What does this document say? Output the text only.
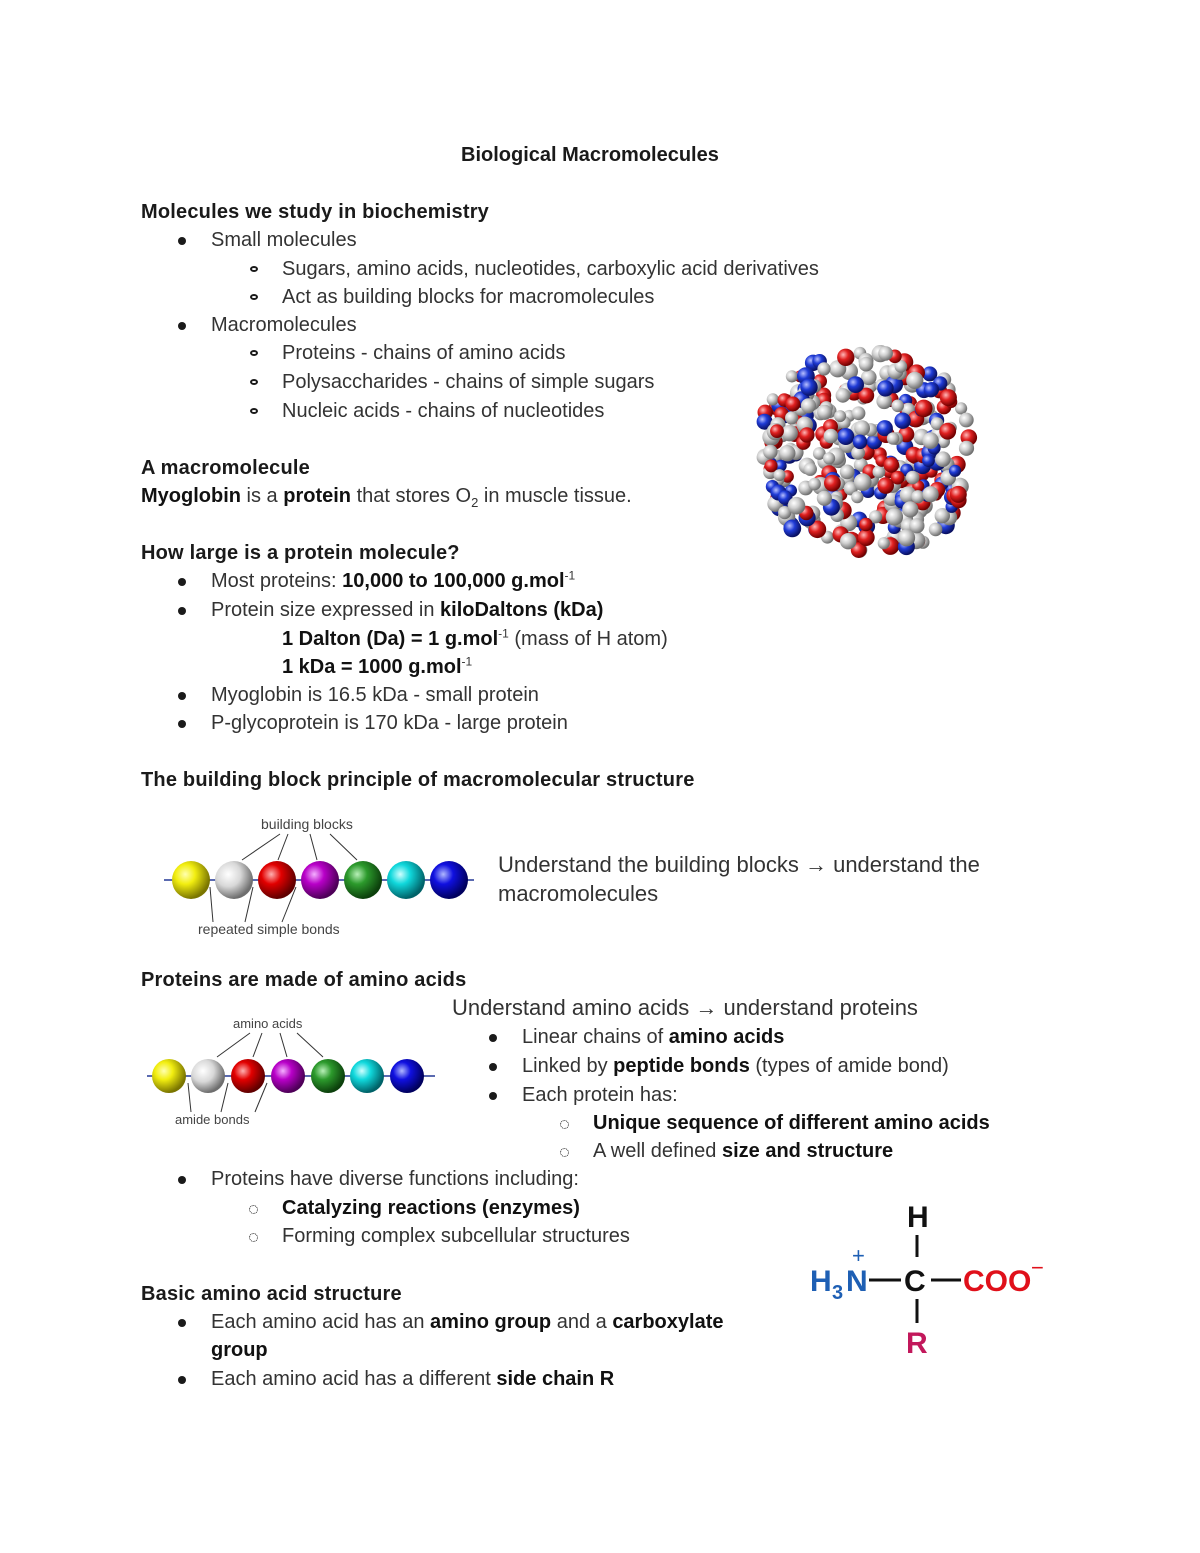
Biological Macromolecules
Molecules we study in biochemistry
Small molecules
Sugars, amino acids, nucleotides, carboxylic acid derivatives
Act as building blocks for macromolecules
Macromolecules
Proteins - chains of amino acids
Polysaccharides - chains of simple sugars
Nucleic acids - chains of nucleotides
A macromolecule
Myoglobin is a protein that stores $O_2$ in muscle tissue.
How large is a protein molecule?
Most proteins: 10,000 to 100,000 g.mol$^{-1}$
Protein size expressed in kiloDaltons (kDa)
1 Dalton (Da) = 1 g.mol$^{-1}$ (mass of H atom)
1 kDa = 1000 g.mol$^{-1}$
Myoglobin is 16.5 kDa - small protein
P-glycoprotein is 170 kDa - large protein
The building block principle of macromolecular structure
building blocks
repeated simple bonds
Understand the building blocks → understand the
macromolecules
Proteins are made of amino acids
Understand amino acids → understand proteins
amino acids
amide bonds
Linear chains of amino acids
Linked by peptide bonds (types of amide bond)
Each protein has:
Unique sequence of different amino acids
A well defined size and structure
Proteins have diverse functions including:
Catalyzing reactions (enzymes)
Forming complex subcellular structures
Basic amino acid structure
Each amino acid has an amino group and a carboxylate
group
Each amino acid has a different side chain R
H
H 3 N
+
C COO −
R
